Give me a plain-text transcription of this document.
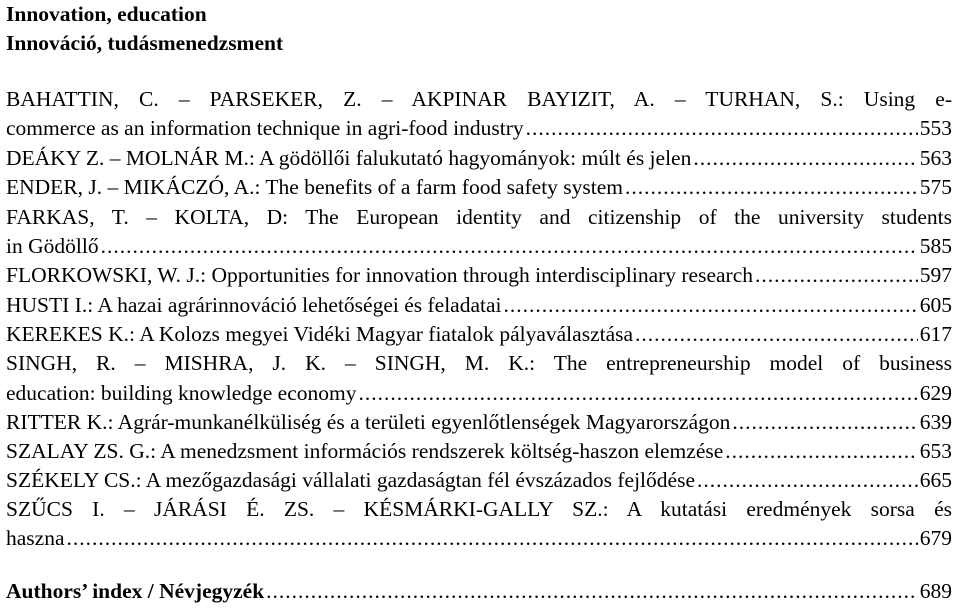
Innovation, education
Innováció, tudásmenedzsment
BAHATTIN, C. – PARSEKER, Z. – AKPINAR BAYIZIT, A. – TURHAN, S.: Using e-
commerce as an information technique in agri-food industry .....	553
DEÁKY Z. – MOLNÁR M.: A gödöllői falukutató hagyományok: múlt és jelen .....	563
ENDER, J. – MIKÁCZÓ, A.: The benefits of a farm food safety system .....	575
FARKAS, T. – KOLTA, D: The European identity and citizenship of the university students
in Gödöllő .....	585
FLORKOWSKI, W. J.: Opportunities for innovation through interdisciplinary research .....	597
HUSTI I.: A hazai agrárinnováció lehetőségei és feladatai .....	605
KEREKES K.: A Kolozs megyei Vidéki Magyar fiatalok pályaválasztása .....	617
SINGH, R. – MISHRA, J. K. – SINGH, M. K.: The entrepreneurship model of business
education: building knowledge economy .....	629
RITTER K.: Agrár-munkanélküliség és a területi egyenlőtlenségek Magyarországon .....	639
SZALAY ZS. G.: A menedzsment információs rendszerek költség-haszon elemzése .....	653
SZÉKELY CS.: A mezőgazdasági vállalati gazdaságtan fél évszázados fejlődése .....	665
SZŰCS I. – JÁRÁSI É. ZS. – KÉSMÁRKI-GALLY SZ.: A kutatási eredmények sorsa és
haszna .....	679
Authors’ index / Névjegyzék .....	689
